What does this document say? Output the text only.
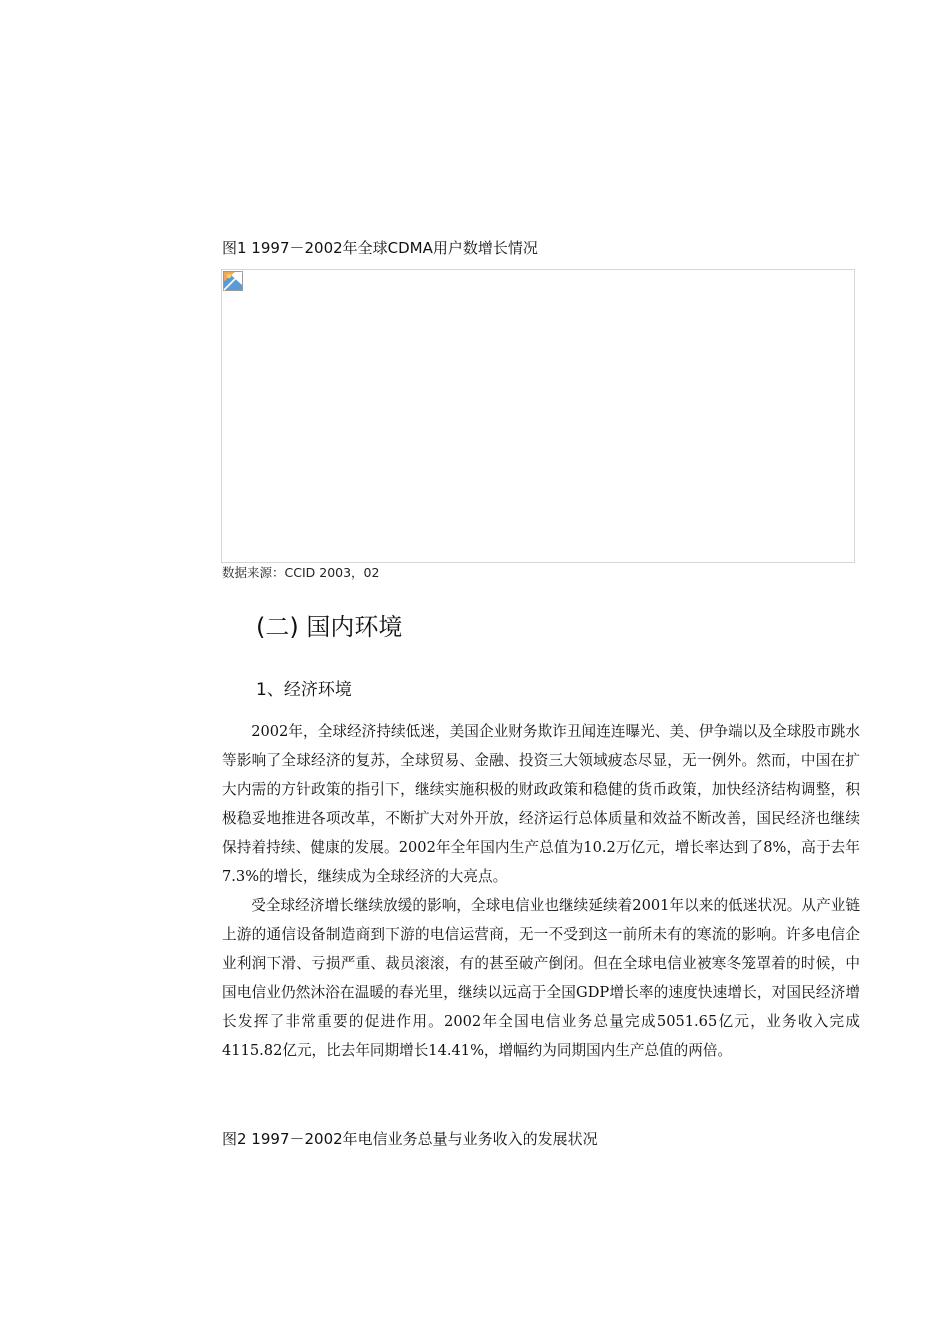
图1 1997－2002年全球CDMA用户数增长情况
数据来源：CCID 2003，02
(二) 国内环境
1、经济环境

2002年，全球经济持续低迷，美国企业财务欺诈丑闻连连曝光、美、伊争端以及全球股市跳水等影响了全球经济的复苏，全球贸易、金融、投资三大领域疲态尽显，无一例外。然而，中国在扩大内需的方针政策的指引下，继续实施积极的财政政策和稳健的货币政策，加快经济结构调整，积极稳妥地推进各项改革，不断扩大对外开放，经济运行总体质量和效益不断改善，国民经济也继续保持着持续、健康的发展。2002年全年国内生产总值为10.2万亿元，增长率达到了8%，高于去年7.3%的增长，继续成为全球经济的大亮点。

受全球经济增长继续放缓的影响，全球电信业也继续延续着2001年以来的低迷状况。从产业链上游的通信设备制造商到下游的电信运营商，无一不受到这一前所未有的寒流的影响。许多电信企业利润下滑、亏损严重、裁员滚滚，有的甚至破产倒闭。但在全球电信业被寒冬笼罩着的时候，中国电信业仍然沐浴在温暖的春光里，继续以远高于全国GDP增长率的速度快速增长，对国民经济增长发挥了非常重要的促进作用。2002年全国电信业务总量完成5051.65亿元，业务收入完成4115.82亿元，比去年同期增长14.41%，增幅约为同期国内生产总值的两倍。

图2 1997－2002年电信业务总量与业务收入的发展状况
